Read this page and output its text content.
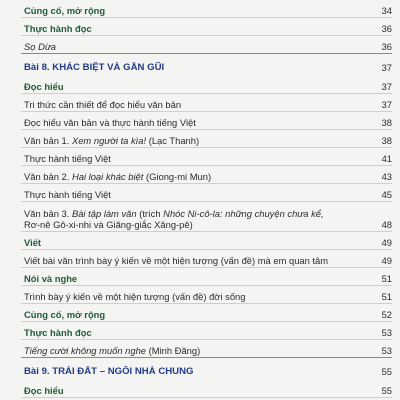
Củng cố, mở rộng	34
Thực hành đọc	36
Sọ Dừa	36
Bài 8. KHÁC BIỆT VÀ GẦN GŨI	37
Đọc hiểu	37
Tri thức cần thiết để đọc hiểu văn bản	37
Đọc hiểu văn bản và thực hành tiếng Việt	38
Văn bản 1. Xem người ta kìa! (Lạc Thanh)	38
Thực hành tiếng Việt	41
Văn bản 2. Hai loại khác biệt (Giong-mi Mun)	43
Thực hành tiếng Việt	45
Văn bản 3. Bài tập làm văn (trích Nhóc Ni-cô-la: những chuyện chưa kể,
Rơ-nê Gô-xi-nhi và Giăng-giắc Xăng-pê)	48
Viết	49
Viết bài văn trình bày ý kiến về một hiện tượng (vấn đề) mà em quan tâm	49
Nói và nghe	51
Trình bày ý kiến về một hiện tượng (vấn đề) đời sống	51
Củng cố, mở rộng	52
Thực hành đọc	53
Tiếng cười không muốn nghe (Minh Đăng)	53
Bài 9. TRÁI ĐẤT – NGÔI NHÀ CHUNG	55
Đọc hiểu	55
